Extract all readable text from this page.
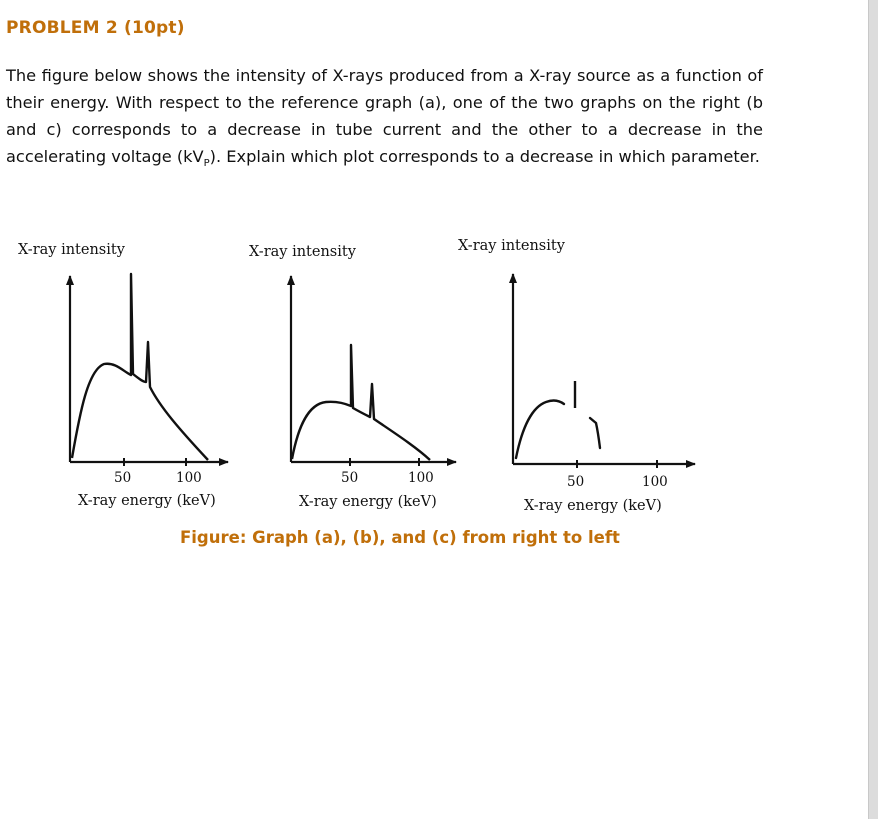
PROBLEM 2 (10pt)

The figure below shows the intensity of X-rays produced from a X-ray source as a function of their energy. With respect to the reference graph (a), one of the two graphs on the right (b and c) corresponds to a decrease in tube current and the other to a decrease in the accelerating voltage $(kV_P)$. Explain which plot corresponds to a decrease in which parameter.

X-ray intensity
50	100
X-ray energy (keV)
X-ray intensity
50	100
X-ray energy (keV)
X-ray intensity
50	100
X-ray energy (keV)

Figure: Graph (a), (b), and (c) from right to left
